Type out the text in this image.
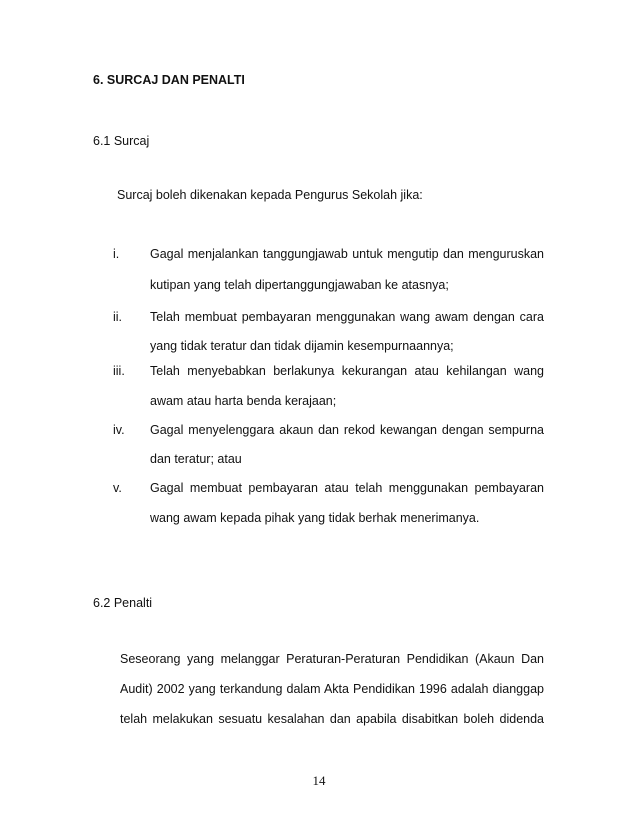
6. SURCAJ DAN PENALTI
6.1 Surcaj
Surcaj boleh dikenakan kepada Pengurus Sekolah jika:
i. Gagal menjalankan tanggungjawab untuk mengutip dan menguruskan
kutipan yang telah dipertanggungjawaban ke atasnya;
ii. Telah membuat pembayaran menggunakan wang awam dengan cara
yang tidak teratur dan tidak dijamin kesempurnaannya;
iii. Telah menyebabkan berlakunya kekurangan atau kehilangan wang
awam atau harta benda kerajaan;
iv. Gagal menyelenggara akaun dan rekod kewangan dengan sempurna
dan teratur; atau
v. Gagal membuat pembayaran atau telah menggunakan pembayaran
wang awam kepada pihak yang tidak berhak menerimanya.
6.2 Penalti
Seseorang yang melanggar Peraturan-Peraturan Pendidikan (Akaun Dan
Audit) 2002 yang terkandung dalam Akta Pendidikan 1996 adalah dianggap
telah melakukan sesuatu kesalahan dan apabila disabitkan boleh didenda
14
